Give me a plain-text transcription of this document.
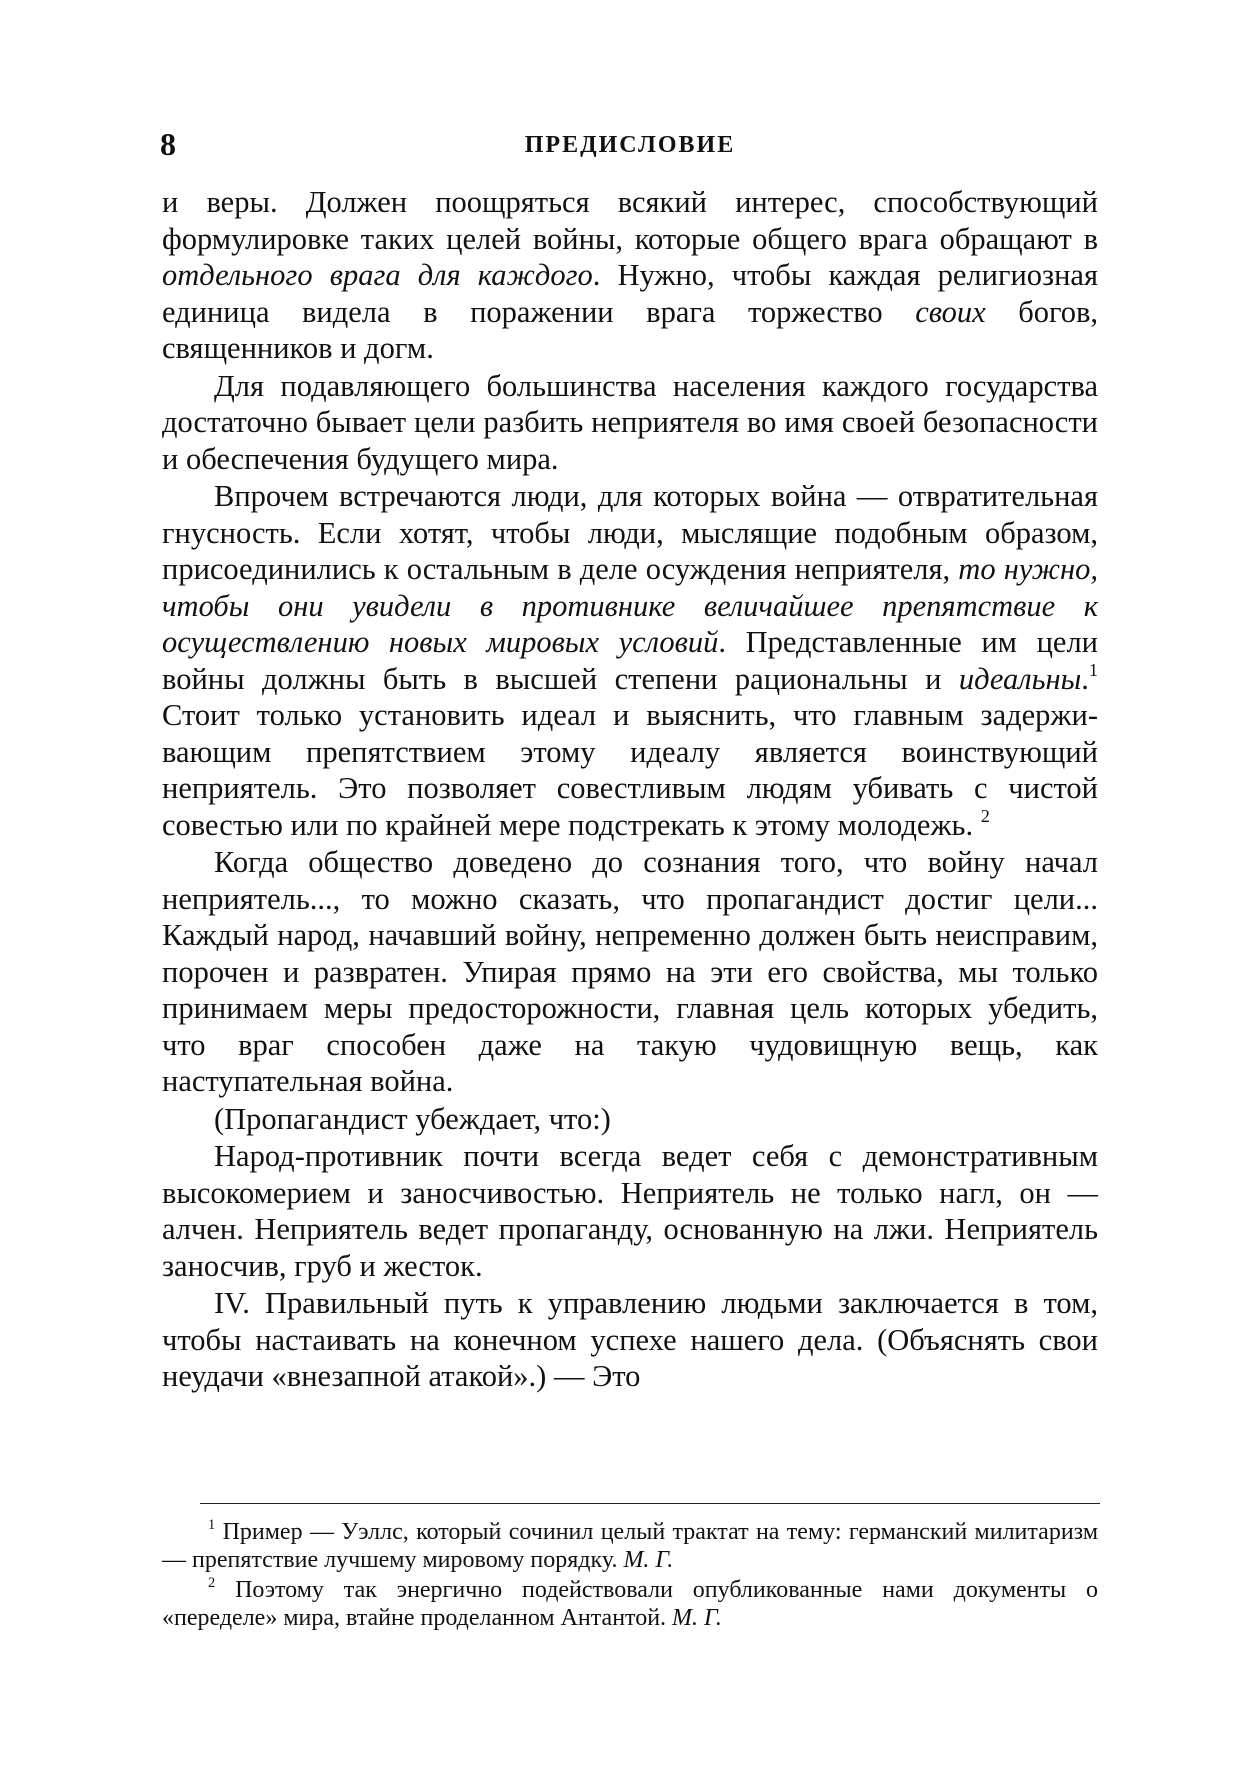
8	ПРЕДИСЛОВИЕ

и веры. Должен поощряться всякий интерес, способствующий формулировке таких целей войны, которые общего врага обращают в отдельного врага для каждого. Нужно, чтобы каждая религиозная единица видела в поражении врага торжество своих богов, священников и догм.

Для подавляющего большинства населения каждого государства достаточно бывает цели разбить неприятеля во имя своей безопасности и обеспечения будущего мира.

Впрочем встречаются люди, для которых война — отвратительная гнусность. Если хотят, чтобы люди, мыслящие подобным образом, присоединились к остальным в деле осуждения неприятеля, то нужно, чтобы они увидели в противнике величайшее препятствие к осуществлению новых мировых условий. Представленные им цели войны должны быть в высшей степени рациональны и идеальны.$^1$ Стоит только установить идеал и выяснить, что главным задерживающим препятствием этому идеалу является воинствующий неприятель. Это позволяет совестливым людям убивать с чистой совестью или по крайней мере подстрекать к этому молодежь. $^2$

Когда общество доведено до сознания того, что войну начал неприятель..., то можно сказать, что пропагандист достиг цели... Каждый народ, начавший войну, непременно должен быть неисправим, порочен и развратен. Упирая прямо на эти его свойства, мы только принимаем меры предосторожности, главная цель которых убедить, что враг способен даже на такую чудовищную вещь, как наступательная война.

(Пропагандист убеждает, что:)

Народ-противник почти всегда ведет себя с демонстративным высокомерием и заносчивостью. Неприятель не только нагл, он — алчен. Неприятель ведет пропаганду, основанную на лжи. Неприятель заносчив, груб и жесток.

IV. Правильный путь к управлению людьми заключается в том, чтобы настаивать на конечном успехе нашего дела. (Объяснять свои неудачи «внезапной атакой».) — Это

$^1$ Пример — Уэллс, который сочинил целый трактат на тему: германский милитаризм — препятствие лучшему мировому порядку. М. Г.

$^2$ Поэтому так энергично подействовали опубликованные нами документы о «переделе» мира, втайне проделанном Антантой. М. Г.
